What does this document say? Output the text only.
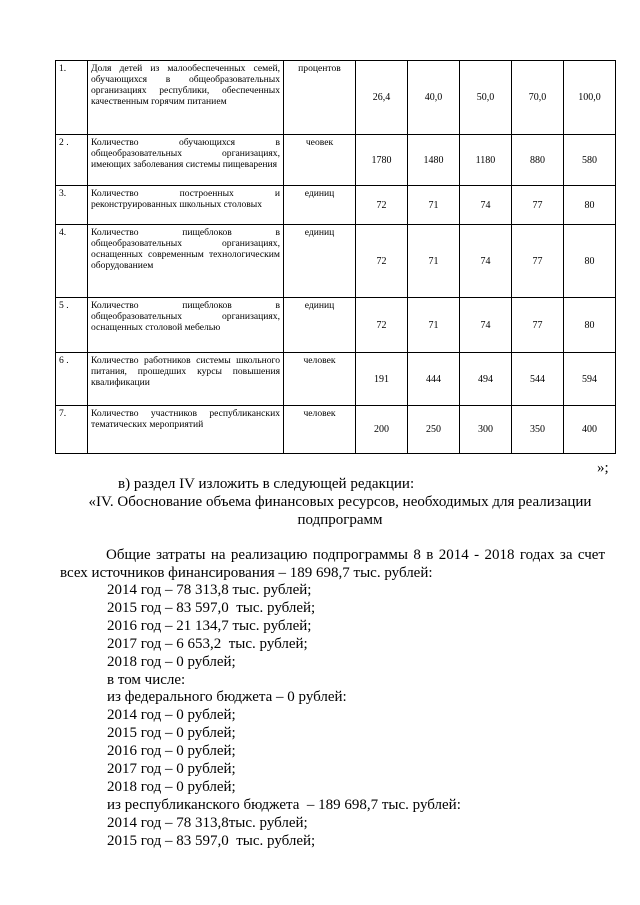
1.	Доля детей из малообеспеченных семей, обучающихся в общеобразовательных организациях республики, обеспеченных качественным горячим питанием	процентов	26,4	40,0	50,0	70,0	100,0
2 .	Количество обучающихся в общеобразовательных организациях, имеющих заболевания системы пищеварения	чеовек	1780	1480	1180	880	580
3.	Количество построенных и реконструированных школьных столовых	единиц	72	71	74	77	80
4.	Количество пищеблоков в общеобразовательных организациях, оснащенных современным технологическим оборудованием	единиц	72	71	74	77	80
5 .	Количество пищеблоков в общеобразовательных организациях, оснащенных столовой мебелью	единиц	72	71	74	77	80
6 .	Количество работников системы школьного питания, прошедших курсы повышения квалификации	человек	191	444	494	544	594
7.	Количество участников республиканских тематических мероприятий	человек	200	250	300	350	400
»;
в) раздел IV изложить в следующей редакции:
«IV. Обоснование объема финансовых ресурсов, необходимых для реализации подпрограмм
Общие затраты на реализацию подпрограммы 8 в 2014 - 2018 годах за счет всех источников финансирования – 189 698,7 тыс. рублей:
2014 год – 78 313,8 тыс. рублей;
2015 год – 83 597,0  тыс. рублей;
2016 год – 21 134,7 тыс. рублей;
2017 год – 6 653,2  тыс. рублей;
2018 год – 0 рублей;
в том числе:
из федерального бюджета – 0 рублей:
2014 год – 0 рублей;
2015 год – 0 рублей;
2016 год – 0 рублей;
2017 год – 0 рублей;
2018 год – 0 рублей;
из республиканского бюджета  – 189 698,7 тыс. рублей:
2014 год – 78 313,8тыс. рублей;
2015 год – 83 597,0  тыс. рублей;
